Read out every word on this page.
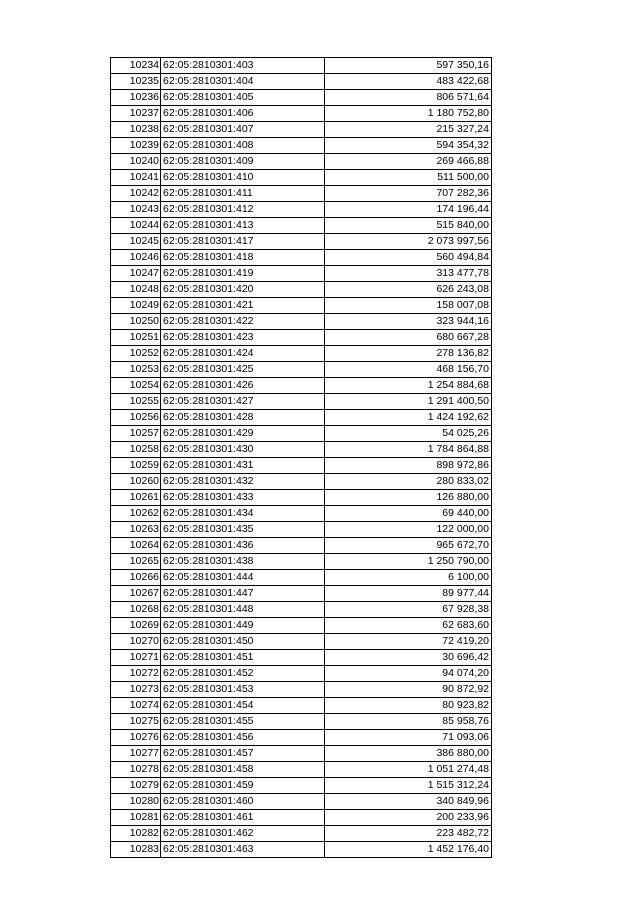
10234	62:05:2810301:403	597 350,16
10235	62:05:2810301:404	483 422,68
10236	62:05:2810301:405	806 571,64
10237	62:05:2810301:406	1 180 752,80
10238	62:05:2810301:407	215 327,24
10239	62:05:2810301:408	594 354,32
10240	62:05:2810301:409	269 466,88
10241	62:05:2810301:410	511 500,00
10242	62:05:2810301:411	707 282,36
10243	62:05:2810301:412	174 196,44
10244	62:05:2810301:413	515 840,00
10245	62:05:2810301:417	2 073 997,56
10246	62:05:2810301:418	560 494,84
10247	62:05:2810301:419	313 477,78
10248	62:05:2810301:420	626 243,08
10249	62:05:2810301:421	158 007,08
10250	62:05:2810301:422	323 944,16
10251	62:05:2810301:423	680 667,28
10252	62:05:2810301:424	278 136,82
10253	62:05:2810301:425	468 156,70
10254	62:05:2810301:426	1 254 884,68
10255	62:05:2810301:427	1 291 400,50
10256	62:05:2810301:428	1 424 192,62
10257	62:05:2810301:429	54 025,26
10258	62:05:2810301:430	1 784 864,88
10259	62:05:2810301:431	898 972,86
10260	62:05:2810301:432	280 833,02
10261	62:05:2810301:433	126 880,00
10262	62:05:2810301:434	69 440,00
10263	62:05:2810301:435	122 000,00
10264	62:05:2810301:436	965 672,70
10265	62:05:2810301:438	1 250 790,00
10266	62:05:2810301:444	6 100,00
10267	62:05:2810301:447	89 977,44
10268	62:05:2810301:448	67 928,38
10269	62:05:2810301:449	62 683,60
10270	62:05:2810301:450	72 419,20
10271	62:05:2810301:451	30 696,42
10272	62:05:2810301:452	94 074,20
10273	62:05:2810301:453	90 872,92
10274	62:05:2810301:454	80 923,82
10275	62:05:2810301:455	85 958,76
10276	62:05:2810301:456	71 093,06
10277	62:05:2810301:457	386 880,00
10278	62:05:2810301:458	1 051 274,48
10279	62:05:2810301:459	1 515 312,24
10280	62:05:2810301:460	340 849,96
10281	62:05:2810301:461	200 233,96
10282	62:05:2810301:462	223 482,72
10283	62:05:2810301:463	1 452 176,40
